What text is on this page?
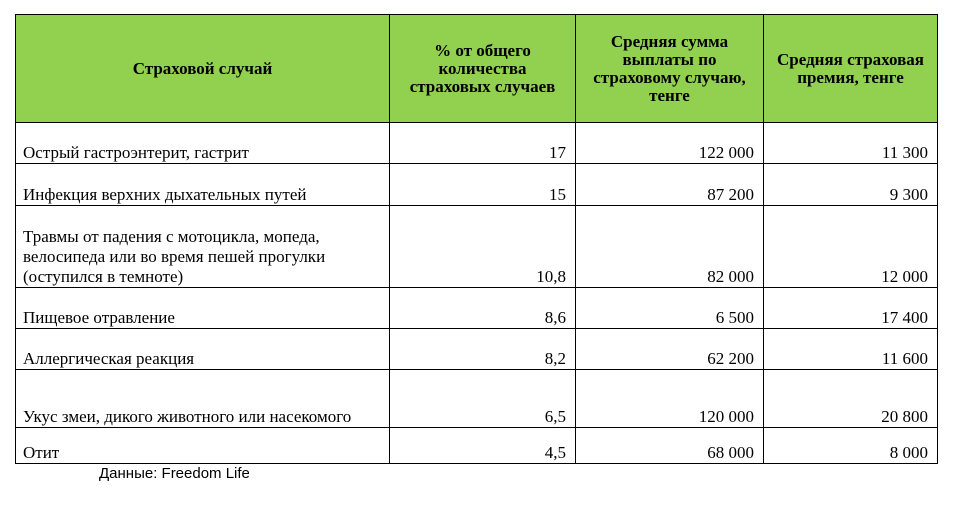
Страховой случай	% от общего количества страховых случаев	Средняя сумма выплаты по страховому случаю, тенге	Средняя страховая премия, тенге
Острый гастроэнтерит, гастрит	17	122 000	11 300
Инфекция верхних дыхательных путей	15	87 200	9 300
Травмы от падения с мотоцикла, мопеда, велосипеда или во время пешей прогулки (оступился в темноте)	10,8	82 000	12 000
Пищевое отравление	8,6	6 500	17 400
Аллергическая реакция	8,2	62 200	11 600
Укус змеи, дикого животного или насекомого	6,5	120 000	20 800
Отит	4,5	68 000	8 000
Данные: Freedom Life
